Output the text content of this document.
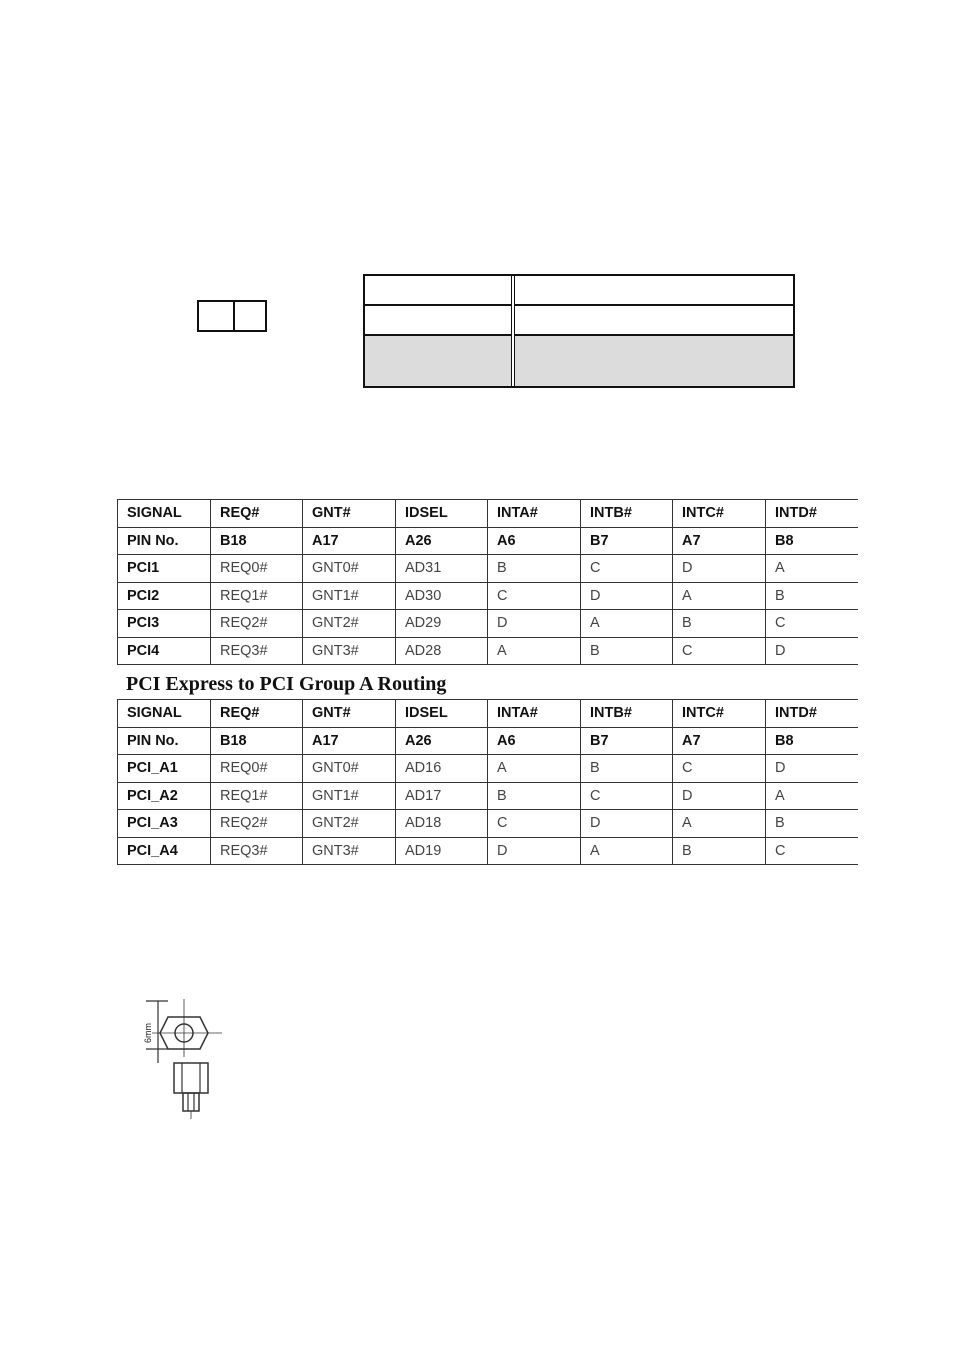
SIGNAL	REQ#	GNT#	IDSEL	INTA#	INTB#	INTC#	INTD#
PIN No.	B18	A17	A26	A6	B7	A7	B8
PCI1	REQ0#	GNT0#	AD31	B	C	D	A
PCI2	REQ1#	GNT1#	AD30	C	D	A	B
PCI3	REQ2#	GNT2#	AD29	D	A	B	C
PCI4	REQ3#	GNT3#	AD28	A	B	C	D
PCI Express to PCI Group A Routing
SIGNAL	REQ#	GNT#	IDSEL	INTA#	INTB#	INTC#	INTD#
PIN No.	B18	A17	A26	A6	B7	A7	B8
PCI_A1	REQ0#	GNT0#	AD16	A	B	C	D
PCI_A2	REQ1#	GNT1#	AD17	B	C	D	A
PCI_A3	REQ2#	GNT2#	AD18	C	D	A	B
PCI_A4	REQ3#	GNT3#	AD19	D	A	B	C
6mm
